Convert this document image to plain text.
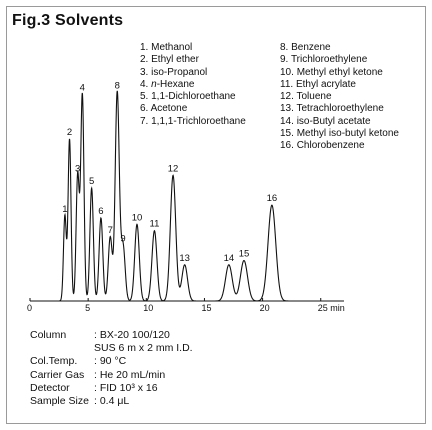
Fig.3 Solvents
0	5	10	15	20	25 min
1
2
3
4
5
6
7
8
9
10
11
12
13	14 15
16
1. Methanol
2. Ethyl ether
3. iso-Propanol
4. n-Hexane
5. 1,1-Dichloroethane
6. Acetone
7. 1,1,1-Trichloroethane
8. Benzene
9. Trichloroethylene
10. Methyl ethyl ketone
11. Ethyl acrylate
12. Toluene
13. Tetrachloroethylene
14. iso-Butyl acetate
15. Methyl iso-butyl ketone
16. Chlorobenzene
Column	: BX-20 100/120
SUS 6 m x 2 mm I.D.
Col.Temp. : 90 °C
Carrier Gas : He 20 mL/min
Detector : FID 10³ x 16
Sample Size : 0.4 μL
